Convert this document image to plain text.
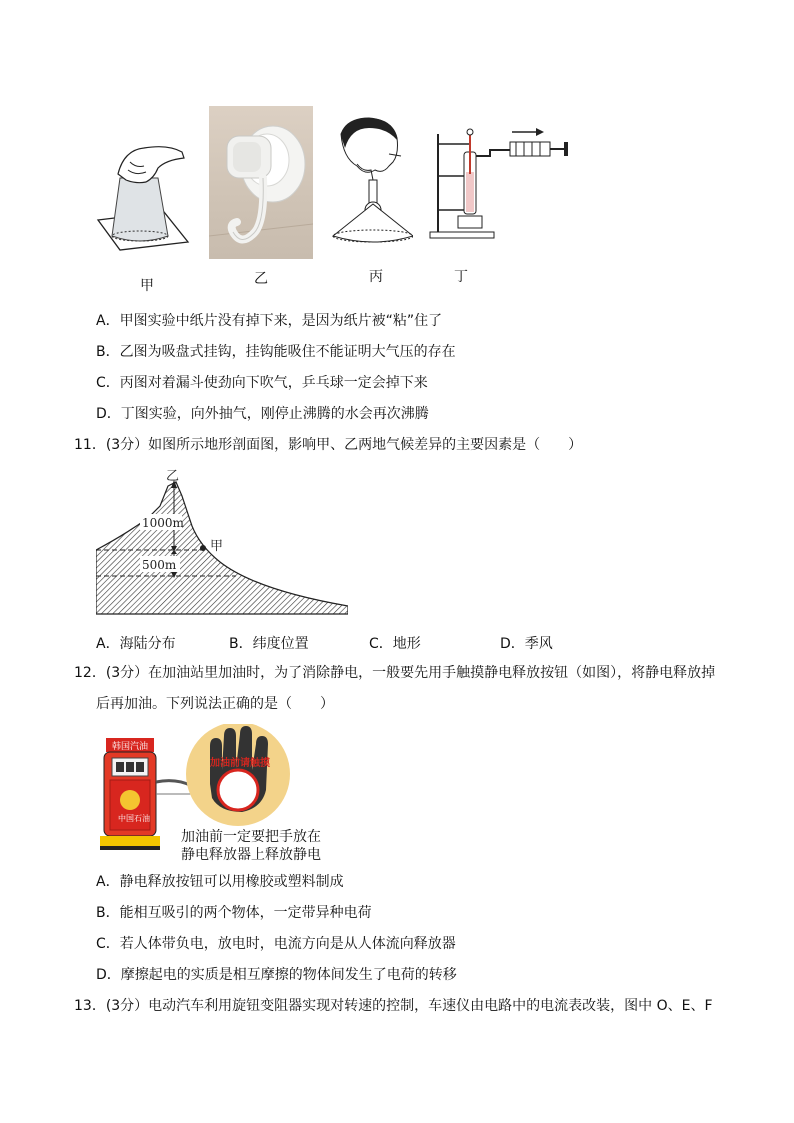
甲	乙	丙	丁
A．甲图实验中纸片没有掉下来，是因为纸片被“粘”住了
B．乙图为吸盘式挂钩，挂钩能吸住不能证明大气压的存在
C．丙图对着漏斗使劲向下吹气，乒乓球一定会掉下来
D．丁图实验，向外抽气，刚停止沸腾的水会再次沸腾
11．(3分）如图所示地形剖面图，影响甲、乙两地气候差异的主要因素是（　　）
1000m
500m
乙
甲
A．海陆分布	B．纬度位置	C．地形	D．季风
12．(3分）在加油站里加油时，为了消除静电，一般要先用手触摸静电释放按钮（如图），将静电释放掉
后再加油。下列说法正确的是（　　）
韩国汽油
中国石油
加油前请触摸
加油前一定要把手放在
静电释放器上释放静电
A．静电释放按钮可以用橡胶或塑料制成
B．能相互吸引的两个物体，一定带异种电荷
C．若人体带负电，放电时，电流方向是从人体流向释放器
D．摩擦起电的实质是相互摩擦的物体间发生了电荷的转移
13．(3分）电动汽车利用旋钮变阻器实现对转速的控制，车速仪由电路中的电流表改装，图中 O、E、F
